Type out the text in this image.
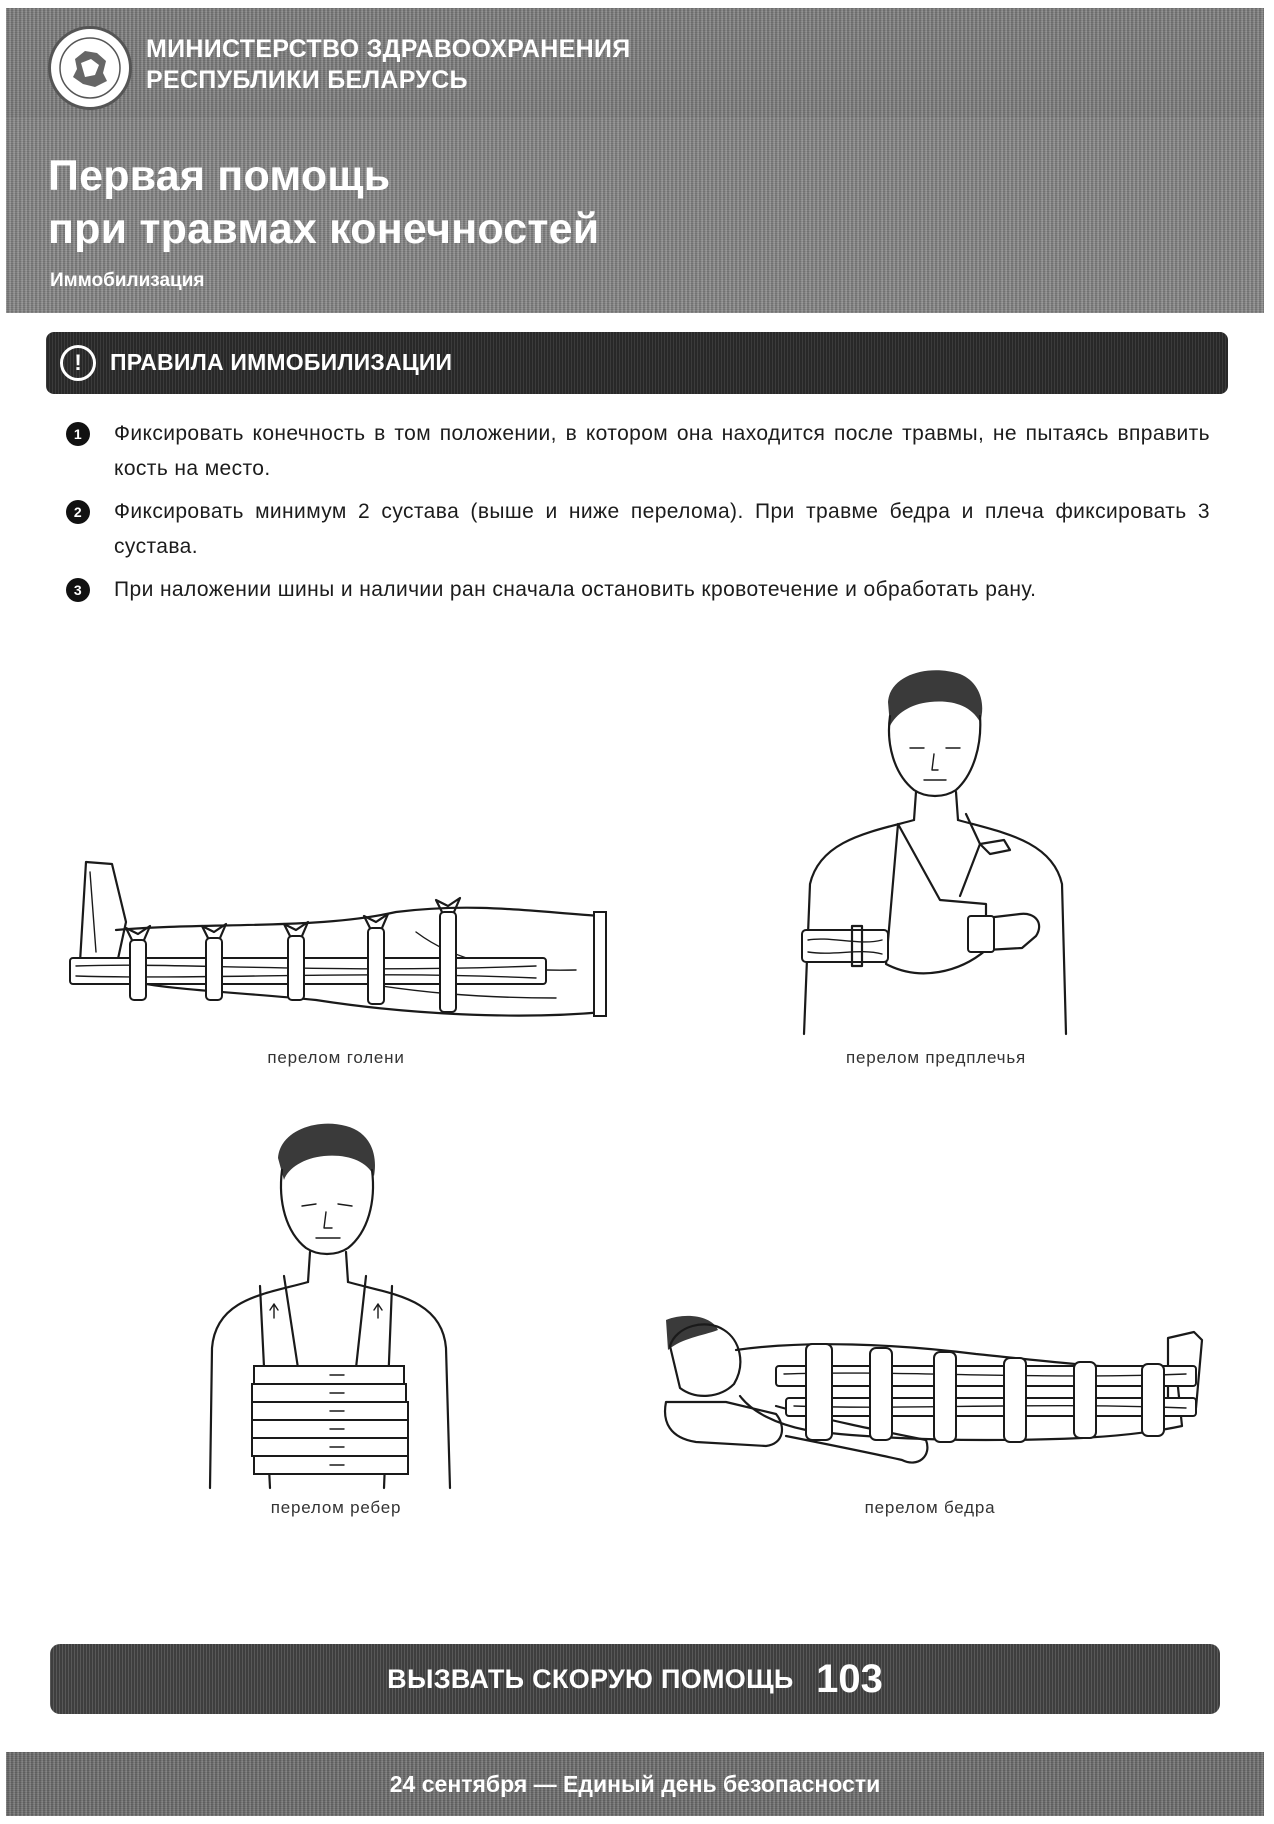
МИНИСТЕРСТВО ЗДРАВООХРАНЕНИЯ
РЕСПУБЛИКИ БЕЛАРУСЬ
Первая помощь
при травмах конечностей
Иммобилизация
!	ПРАВИЛА ИММОБИЛИЗАЦИИ
1	Фиксировать конечность в том положении, в котором она находится после травмы, не пытаясь вправить кость на место.
2	Фиксировать минимум 2 сустава (выше и ниже перелома). При травме бедра и плеча фиксировать 3 сустава.
3	При наложении шины и наличии ран сначала остановить кровотечение и обработать рану.
перелом голени	перелом предплечья
перелом ребер	перелом бедра
ВЫЗВАТЬ СКОРУЮ ПОМОЩЬ 103
24 сентября — Единый день безопасности
